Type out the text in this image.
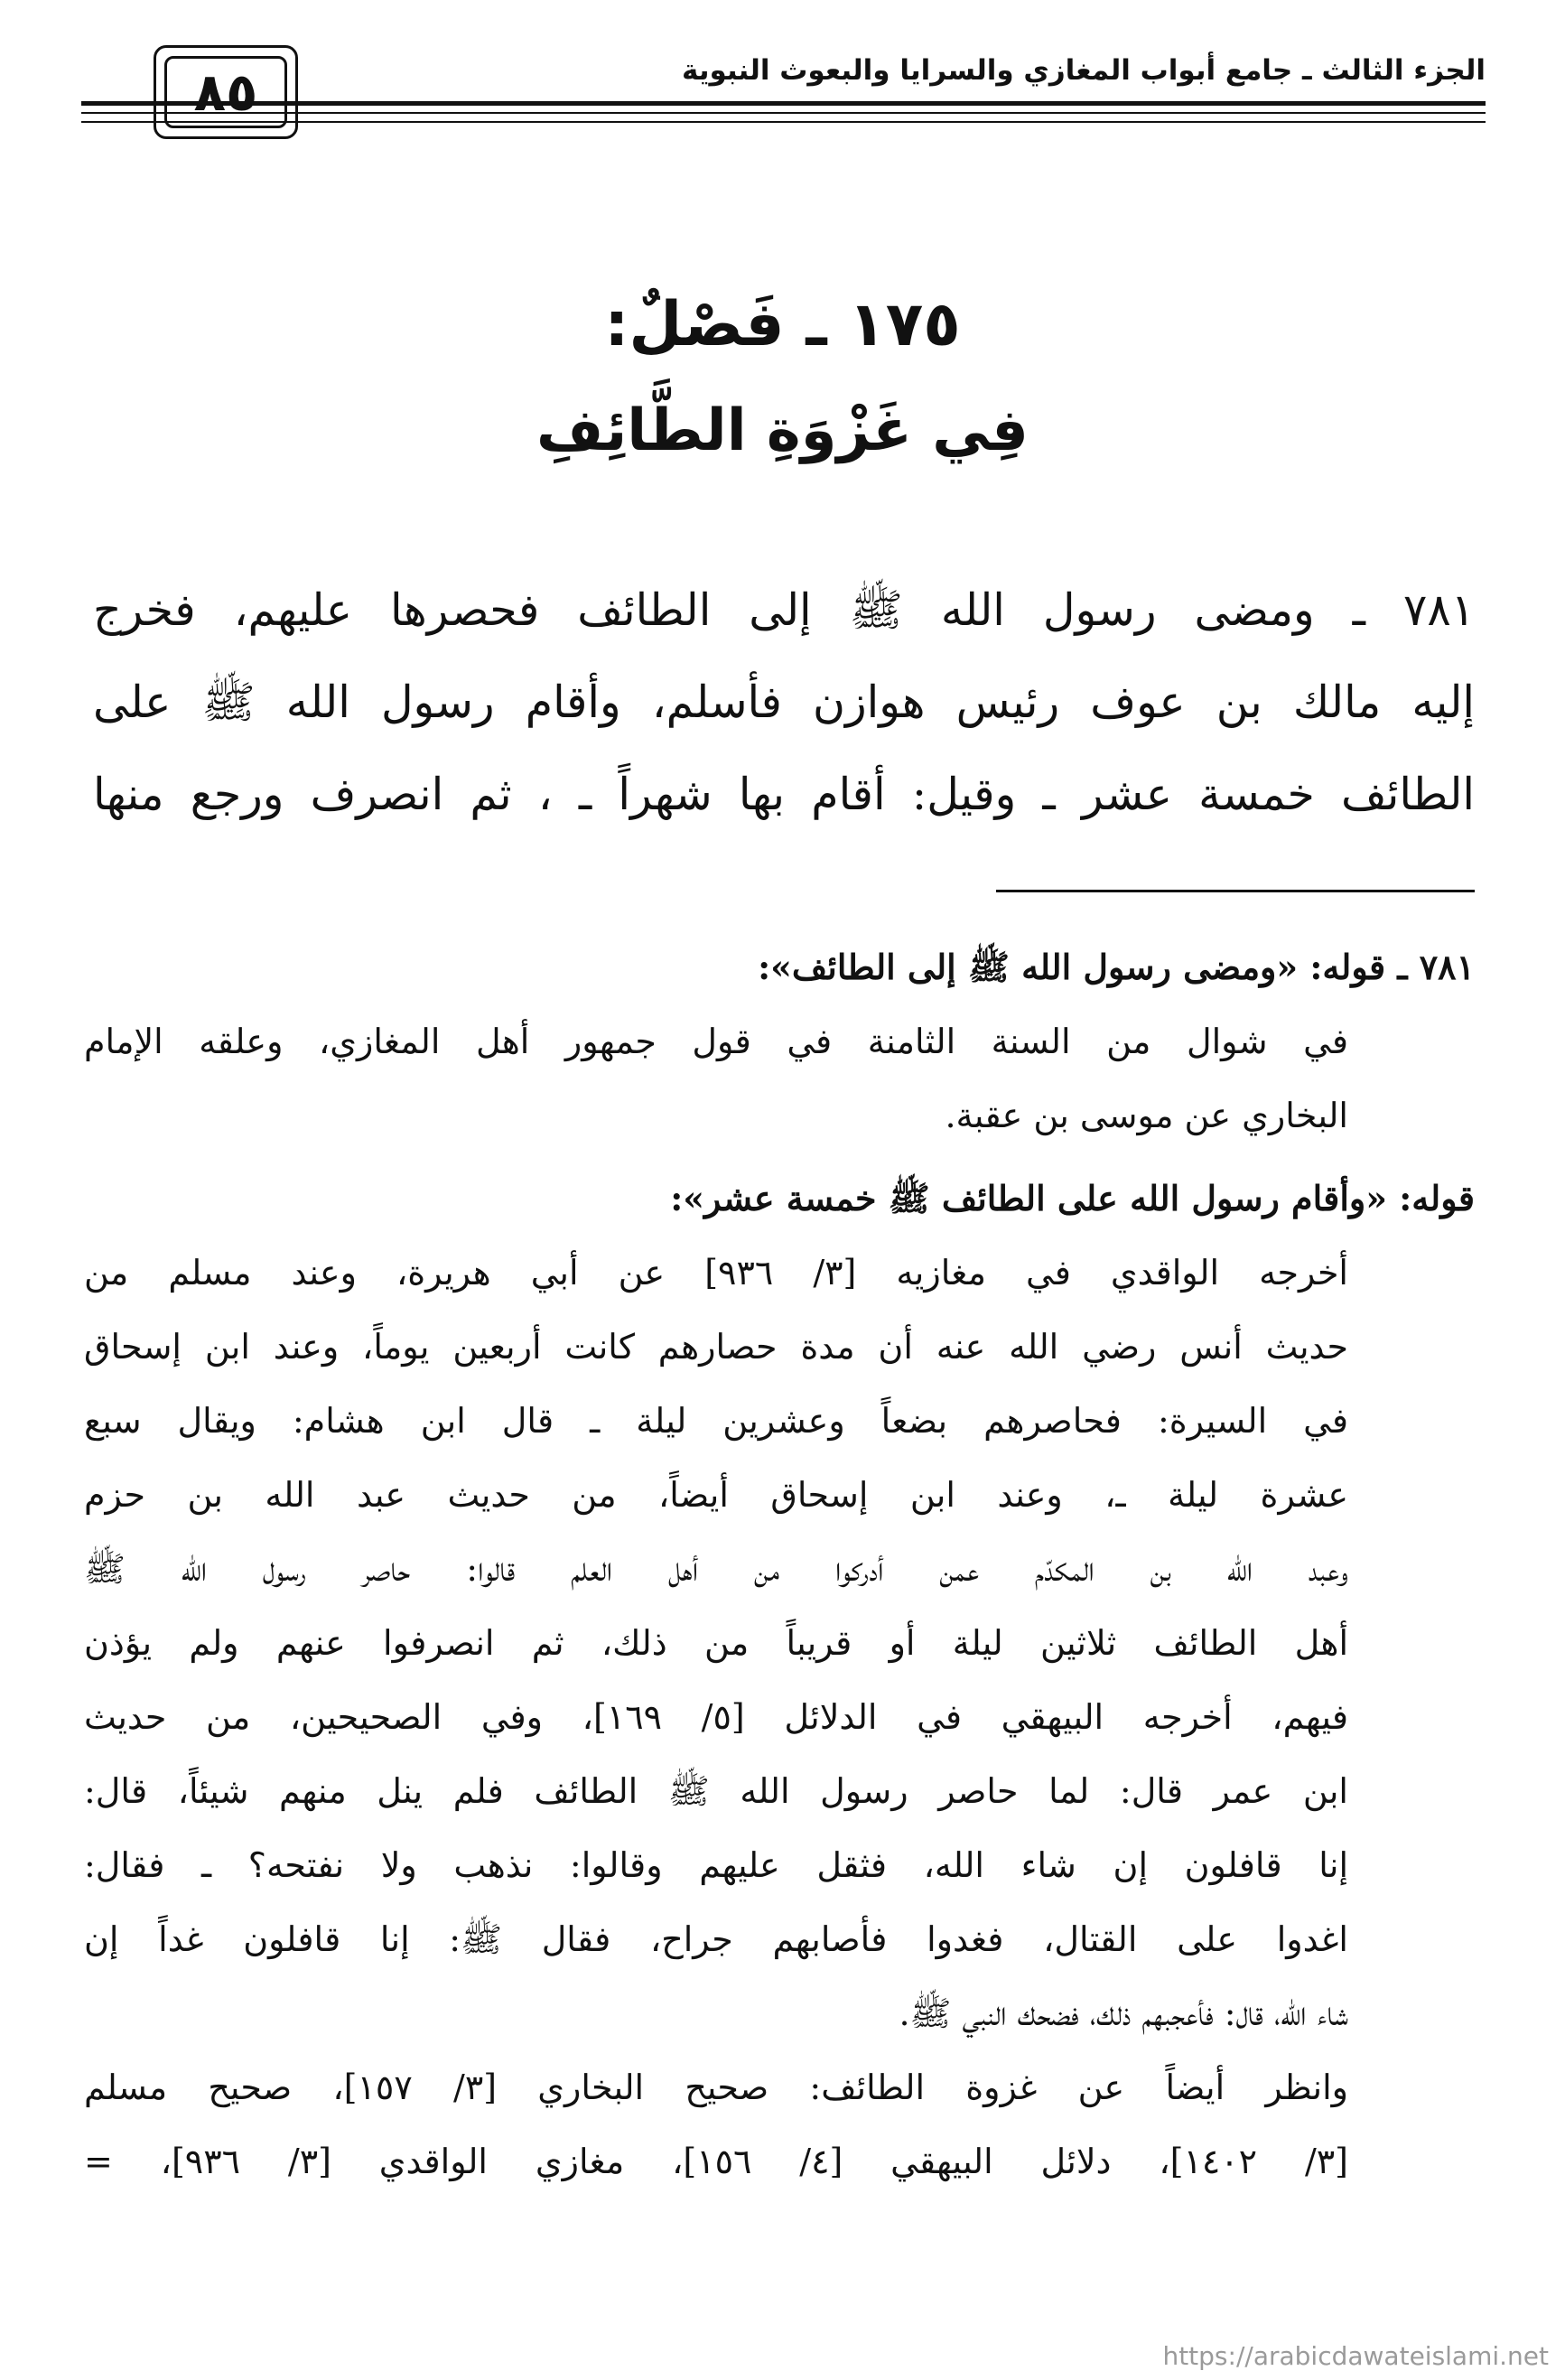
الجزء الثالث ـ جامع أبواب المغازي والسرايا والبعوث النبوية
٨٥
١٧٥ ـ فَصْلٌ:
فِي غَزْوَةِ الطَّائِفِ
٧٨١ ـ ومضى رسول الله ﷺ إلى الطائف فحصرها عليهم، فخرج
إليه مالك بن عوف رئيس هوازن فأسلم، وأقام رسول الله ﷺ على
الطائف خمسة عشر ـ وقيل: أقام بها شهراً ـ ، ثم انصرف ورجع منها
٧٨١ ـ قوله: «ومضى رسول الله ﷺ إلى الطائف»:
في شوال من السنة الثامنة في قول جمهور أهل المغازي، وعلقه الإمام
البخاري عن موسى بن عقبة.
قوله: «وأقام رسول الله على الطائف ﷺ خمسة عشر»:
أخرجه الواقدي في مغازيه [٣/ ٩٣٦] عن أبي هريرة، وعند مسلم من
حديث أنس رضي الله عنه أن مدة حصارهم كانت أربعين يوماً، وعند ابن إسحاق
في السيرة: فحاصرهم بضعاً وعشرين ليلة ـ قال ابن هشام: ويقال سبع
عشرة ليلة ـ، وعند ابن إسحاق أيضاً، من حديث عبد الله بن حزم
وعبد الله بن المكدّم عمن أدركوا من أهل العلم قالوا: حاصر رسول الله ﷺ
أهل الطائف ثلاثين ليلة أو قريباً من ذلك، ثم انصرفوا عنهم ولم يؤذن
فيهم، أخرجه البيهقي في الدلائل [٥/ ١٦٩]، وفي الصحيحين، من حديث
ابن عمر قال: لما حاصر رسول الله ﷺ الطائف فلم ينل منهم شيئاً، قال:
إنا قافلون إن شاء الله، فثقل عليهم وقالوا: نذهب ولا نفتحه؟ ـ فقال:
اغدوا على القتال، فغدوا فأصابهم جراح، فقال ﷺ: إنا قافلون غداً إن
شاء الله، قال: فأعجبهم ذلك، فضحك النبي ﷺ.
وانظر أيضاً عن غزوة الطائف: صحيح البخاري [٣/ ١٥٧]، صحيح مسلم
[٣/ ١٤٠٢]، دلائل البيهقي [٤/ ١٥٦]، مغازي الواقدي [٣/ ٩٣٦]، =
https://arabicdawateislami.net
